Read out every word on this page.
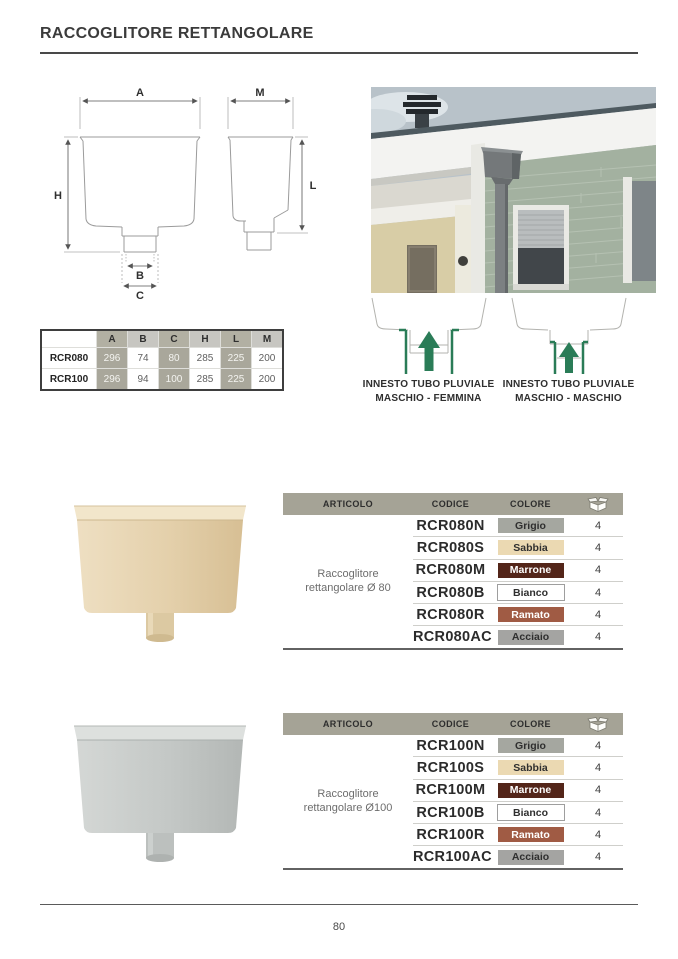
RACCOGLITORE RETTANGOLARE
A
H
B
C
M
L
	A	B	C	H	L	M
RCR080	296	74	80	285	225	200
RCR100	296	94	100	285	225	200	INNESTO TUBO PLUVIALE
MASCHIO - FEMMINA
INNESTO TUBO PLUVIALE
MASCHIO - MASCHIO
ARTICOLO	CODICE	COLORE
Raccoglitore
rettangolare Ø 80
RCR080N	Grigio	4
RCR080S	Sabbia	4
RCR080M	Marrone	4
RCR080B	Bianco	4
RCR080R	Ramato	4
RCR080AC	Acciaio	4
ARTICOLO	CODICE	COLORE
Raccoglitore
rettangolare Ø100
RCR100N	Grigio	4
RCR100S	Sabbia	4
RCR100M	Marrone	4
RCR100B	Bianco	4
RCR100R	Ramato	4
RCR100AC	Acciaio	4
80
